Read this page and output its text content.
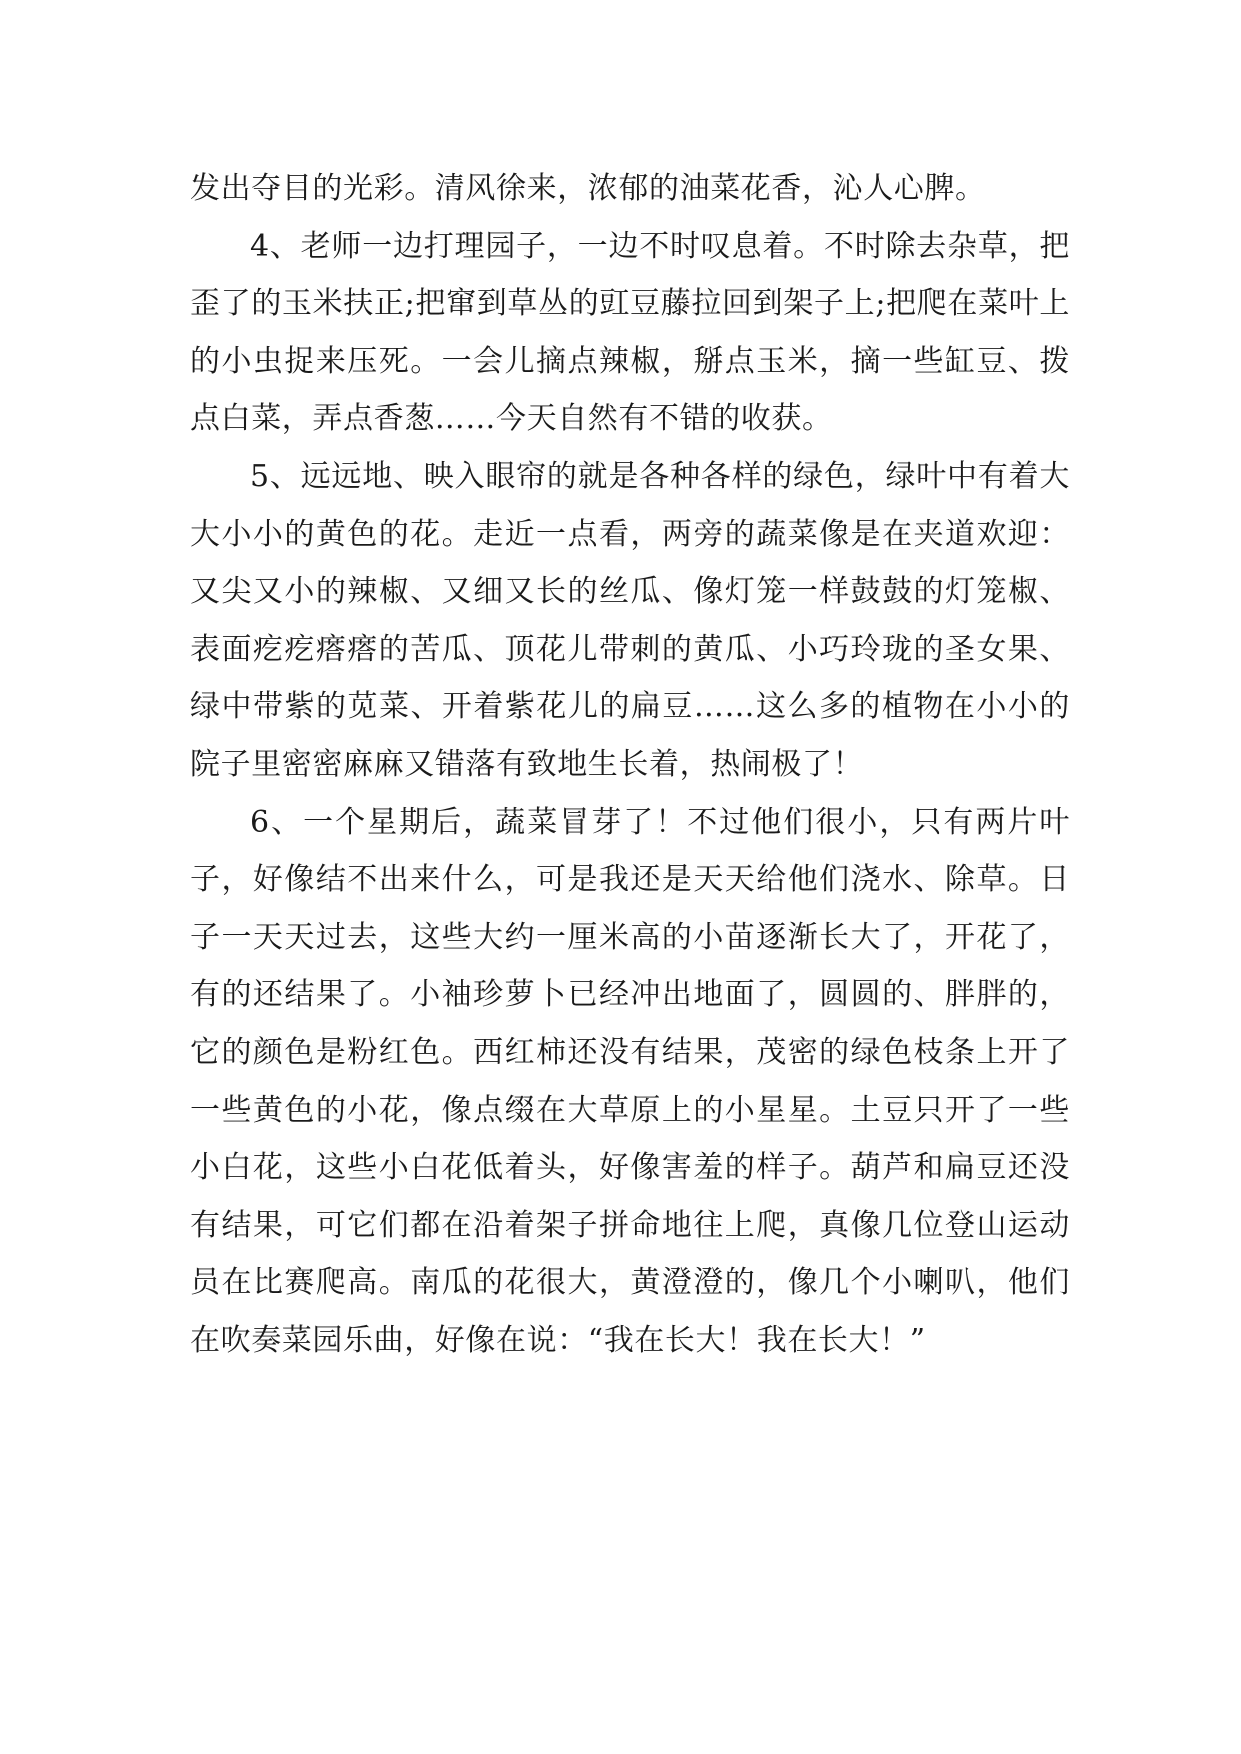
发出夺目的光彩。清风徐来，浓郁的油菜花香，沁人心脾。

4、老师一边打理园子，一边不时叹息着。不时除去杂草，把歪了的玉米扶正;把窜到草丛的豇豆藤拉回到架子上;把爬在菜叶上的小虫捉来压死。一会儿摘点辣椒，掰点玉米，摘一些缸豆、拨点白菜，弄点香葱……今天自然有不错的收获。

5、远远地、映入眼帘的就是各种各样的绿色，绿叶中有着大大小小的黄色的花。走近一点看，两旁的蔬菜像是在夹道欢迎：又尖又小的辣椒、又细又长的丝瓜、像灯笼一样鼓鼓的灯笼椒、表面疙疙瘩瘩的苦瓜、顶花儿带刺的黄瓜、小巧玲珑的圣女果、绿中带紫的苋菜、开着紫花儿的扁豆……这么多的植物在小小的院子里密密麻麻又错落有致地生长着，热闹极了！

6、一个星期后，蔬菜冒芽了！不过他们很小，只有两片叶子，好像结不出来什么，可是我还是天天给他们浇水、除草。日子一天天过去，这些大约一厘米高的小苗逐渐长大了，开花了，有的还结果了。小袖珍萝卜已经冲出地面了，圆圆的、胖胖的，它的颜色是粉红色。西红柿还没有结果，茂密的绿色枝条上开了一些黄色的小花，像点缀在大草原上的小星星。土豆只开了一些小白花，这些小白花低着头，好像害羞的样子。葫芦和扁豆还没有结果，可它们都在沿着架子拼命地往上爬，真像几位登山运动员在比赛爬高。南瓜的花很大，黄澄澄的，像几个小喇叭，他们在吹奏菜园乐曲，好像在说：“我在长大！我在长大！”
